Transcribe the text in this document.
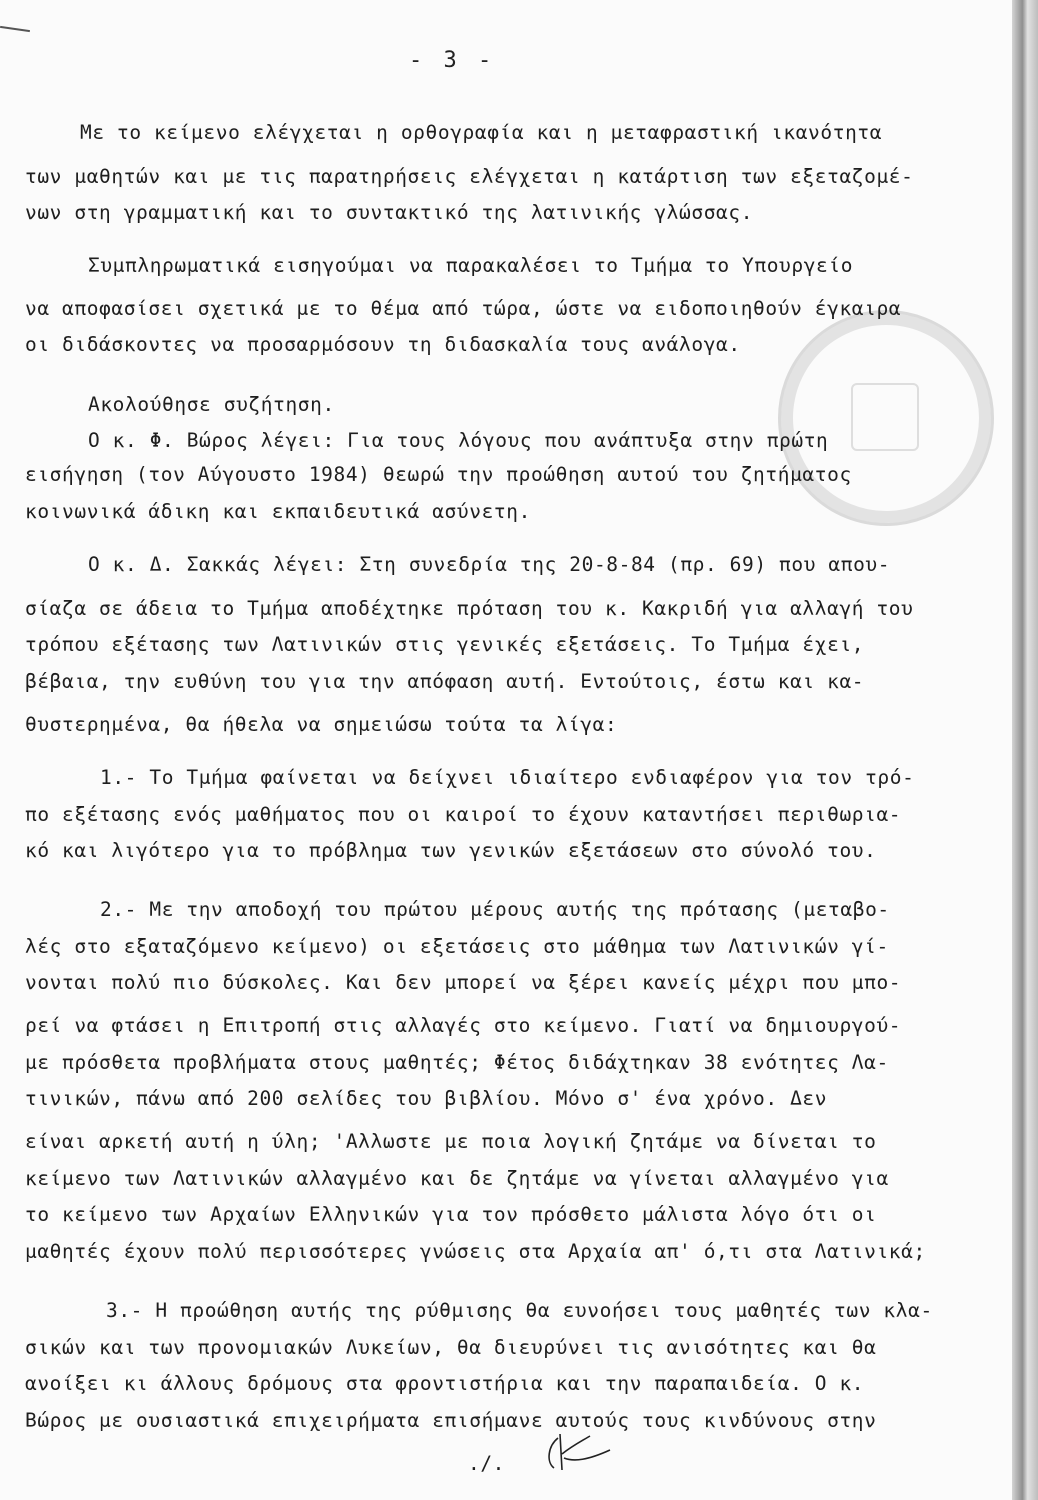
- 3 -
Με το κείμενο ελέγχεται η ορθογραφία και η μεταφραστική ικανότητα
των μαθητών και με τις παρατηρήσεις ελέγχεται η κατάρτιση των εξεταζομέ-
νων στη γραμματική και το συντακτικό της λατινικής γλώσσας.
Συμπληρωματικά εισηγούμαι να παρακαλέσει το Τμήμα το Υπουργείο
να αποφασίσει σχετικά με το θέμα από τώρα, ώστε να ειδοποιηθούν έγκαιρα
οι διδάσκοντες να προσαρμόσουν τη διδασκαλία τους ανάλογα.
Ακολούθησε συζήτηση.
Ο κ. Φ. Βώρος λέγει: Για τους λόγους που ανάπτυξα στην πρώτη
εισήγηση (τον Αύγουστο 1984) θεωρώ την προώθηση αυτού του ζητήματος
κοινωνικά άδικη και εκπαιδευτικά ασύνετη.
Ο κ. Δ. Σακκάς λέγει: Στη συνεδρία της 20-8-84 (πρ. 69) που απου-
σίαζα σε άδεια το Τμήμα αποδέχτηκε πρόταση του κ. Κακριδή για αλλαγή του
τρόπου εξέτασης των Λατινικών στις γενικές εξετάσεις. Το Τμήμα έχει,
βέβαια, την ευθύνη του για την απόφαση αυτή. Εντούτοις, έστω και κα-
θυστερημένα, θα ήθελα να σημειώσω τούτα τα λίγα:
1.- Το Τμήμα φαίνεται να δείχνει ιδιαίτερο ενδιαφέρον για τον τρό-
πο εξέτασης ενός μαθήματος που οι καιροί το έχουν καταντήσει περιθωρια-
κό και λιγότερο για το πρόβλημα των γενικών εξετάσεων στο σύνολό του.
2.- Με την αποδοχή του πρώτου μέρους αυτής της πρότασης (μεταβο-
λές στο εξαταζόμενο κείμενο) οι εξετάσεις στο μάθημα των Λατινικών γί-
νονται πολύ πιο δύσκολες. Και δεν μπορεί να ξέρει κανείς μέχρι που μπο-
ρεί να φτάσει η Επιτροπή στις αλλαγές στο κείμενο. Γιατί να δημιουργού-
με πρόσθετα προβλήματα στους μαθητές; Φέτος διδάχτηκαν 38 ενότητες Λα-
τινικών, πάνω από 200 σελίδες του βιβλίου. Μόνο σ' ένα χρόνο. Δεν
είναι αρκετή αυτή η ύλη; 'Αλλωστε με ποια λογική ζητάμε να δίνεται το
κείμενο των Λατινικών αλλαγμένο και δε ζητάμε να γίνεται αλλαγμένο για
το κείμενο των Αρχαίων Ελληνικών για τον πρόσθετο μάλιστα λόγο ότι οι
μαθητές έχουν πολύ περισσότερες γνώσεις στα Αρχαία απ' ό,τι στα Λατινικά;
3.- Η προώθηση αυτής της ρύθμισης θα ευνοήσει τους μαθητές των κλα-
σικών και των προνομιακών Λυκείων, θα διευρύνει τις ανισότητες και θα
ανοίξει κι άλλους δρόμους στα φροντιστήρια και την παραπαιδεία. Ο κ.
Βώρος με ουσιαστικά επιχειρήματα επισήμανε αυτούς τους κινδύνους στην
./.
